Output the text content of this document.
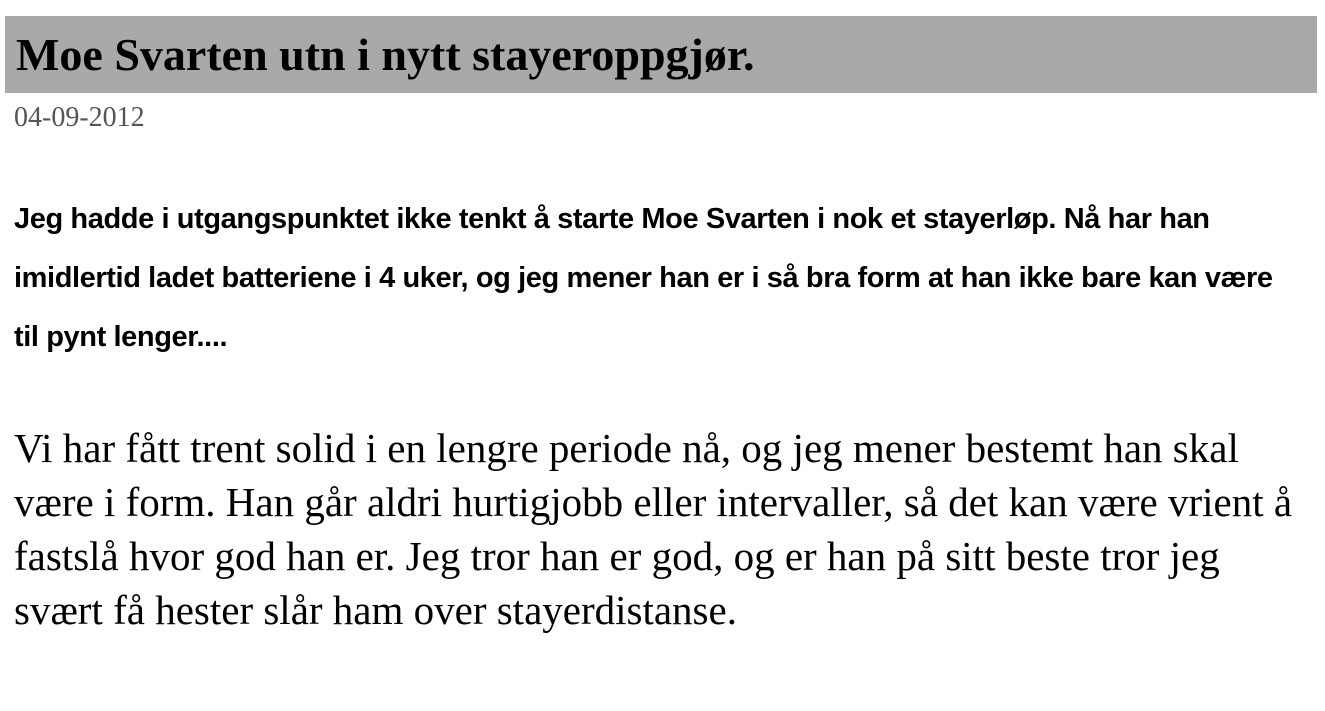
Moe Svarten utn i nytt stayeroppgjør.
04-09-2012

Jeg hadde i utgangspunktet ikke tenkt å starte Moe Svarten i nok et stayerløp. Nå har han imidlertid ladet batteriene i 4 uker, og jeg mener han er i så bra form at han ikke bare kan være til pynt lenger....

Vi har fått trent solid i en lengre periode nå, og jeg mener bestemt han skal være i form. Han går aldri hurtigjobb eller intervaller, så det kan være vrient å fastslå hvor god han er. Jeg tror han er god, og er han på sitt beste tror jeg svært få hester slår ham over stayerdistanse.
